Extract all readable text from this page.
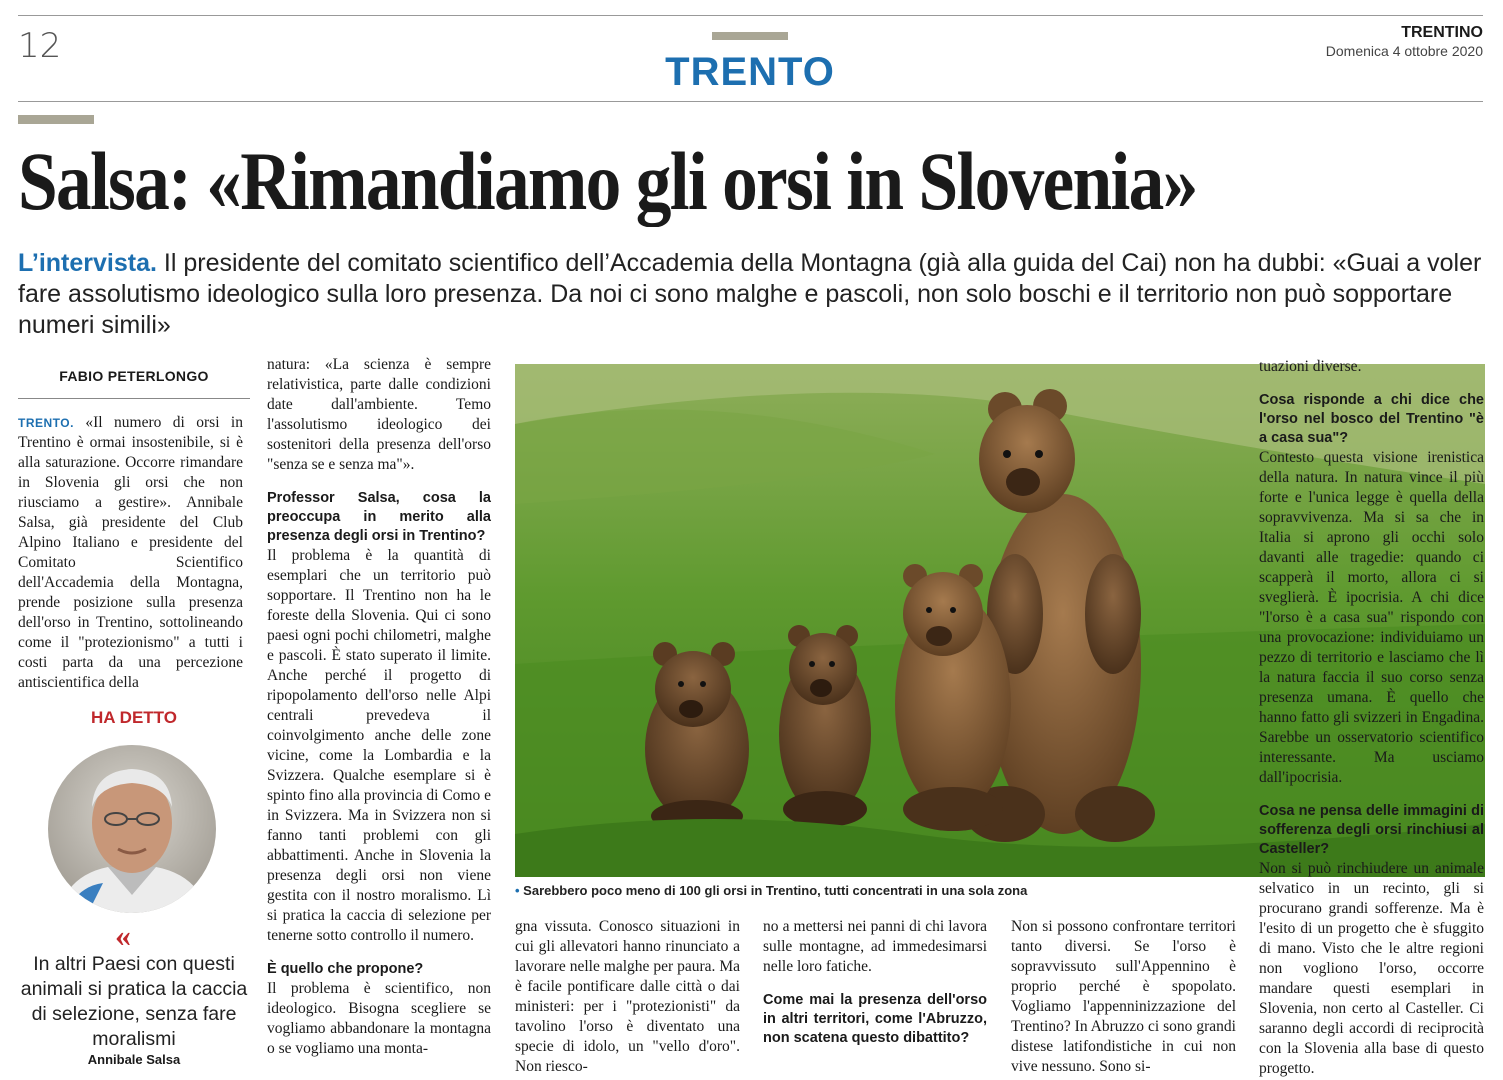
12
TRENTO
TRENTINO
Domenica 4 ottobre 2020
Salsa: «Rimandiamo gli orsi in Slovenia»
L’intervista. Il presidente del comitato scientifico dell’Accademia della Montagna (già alla guida del Cai) non ha dubbi: «Guai a voler fare assolutismo ideologico sulla loro presenza. Da noi ci sono malghe e pascoli, non solo boschi e il territorio non può sopportare numeri simili»
FABIO PETERLONGO

TRENTO. «Il numero di orsi in Trentino è ormai insostenibile, si è alla saturazione. Occorre rimandare in Slovenia gli orsi che non riusciamo a gestire». Annibale Salsa, già presidente del Club Alpino Italiano e presidente del Comitato Scientifico dell'Accademia della Montagna, prende posizione sulla presenza dell'orso in Trentino, sottolineando come il "protezionismo" a tutti i costi parta da una percezione antiscientifica della

HA DETTO
«
In altri Paesi con questi animali si pratica la caccia di selezione, senza fare moralismi
Annibale Salsa

natura: «La scienza è sempre relativistica, parte dalle condizioni date dall'ambiente. Temo l'assolutismo ideologico dei sostenitori della presenza dell'orso "senza se e senza ma"».

Professor Salsa, cosa la preoccupa in merito alla presenza degli orsi in Trentino?

Il problema è la quantità di esemplari che un territorio può sopportare. Il Trentino non ha le foreste della Slovenia. Qui ci sono paesi ogni pochi chilometri, malghe e pascoli. È stato superato il limite. Anche perché il progetto di ripopolamento dell'orso nelle Alpi centrali prevedeva il coinvolgimento anche delle zone vicine, come la Lombardia e la Svizzera. Qualche esemplare si è spinto fino alla provincia di Como e in Svizzera. Ma in Svizzera non si fanno tanti problemi con gli abbattimenti. Anche in Slovenia la presenza degli orsi non viene gestita con il nostro moralismo. Lì si pratica la caccia di selezione per tenerne sotto controllo il numero.

È quello che propone?

Il problema è scientifico, non ideologico. Bisogna scegliere se vogliamo abbandonare la montagna o se vogliamo una monta-

• Sarebbero poco meno di 100 gli orsi in Trentino, tutti concentrati in una sola zona

gna vissuta. Conosco situazioni in cui gli allevatori hanno rinunciato a lavorare nelle malghe per paura. Ma è facile pontificare dalle città o dai ministeri: per i "protezionisti" da tavolino l'orso è diventato una specie di idolo, un "vello d'oro". Non riesco-

no a mettersi nei panni di chi lavora sulle montagne, ad immedesimarsi nelle loro fatiche.

Come mai la presenza dell'orso in altri territori, come l'Abruzzo, non scatena questo dibattito?

Non si possono confrontare territori tanto diversi. Se l'orso è sopravvissuto sull'Appennino è proprio perché è spopolato. Vogliamo l'appenninizzazione del Trentino? In Abruzzo ci sono grandi distese latifondistiche in cui non vive nessuno. Sono si-

tuazioni diverse.

Cosa risponde a chi dice che l'orso nel bosco del Trentino "è a casa sua"?

Contesto questa visione irenistica della natura. In natura vince il più forte e l'unica legge è quella della sopravvivenza. Ma si sa che in Italia si aprono gli occhi solo davanti alle tragedie: quando ci scapperà il morto, allora ci si sveglierà. È ipocrisia. A chi dice "l'orso è a casa sua" rispondo con una provocazione: individuiamo un pezzo di territorio e lasciamo che lì la natura faccia il suo corso senza presenza umana. È quello che hanno fatto gli svizzeri in Engadina. Sarebbe un osservatorio scientifico interessante. Ma usciamo dall'ipocrisia.

Cosa ne pensa delle immagini di sofferenza degli orsi rinchiusi al Casteller?

Non si può rinchiudere un animale selvatico in un recinto, gli si procurano grandi sofferenze. Ma è l'esito di un progetto che è sfuggito di mano. Visto che le altre regioni non vogliono l'orso, occorre mandare questi esemplari in Slovenia, non certo al Casteller. Ci saranno degli accordi di reciprocità con la Slovenia alla base di questo progetto.
